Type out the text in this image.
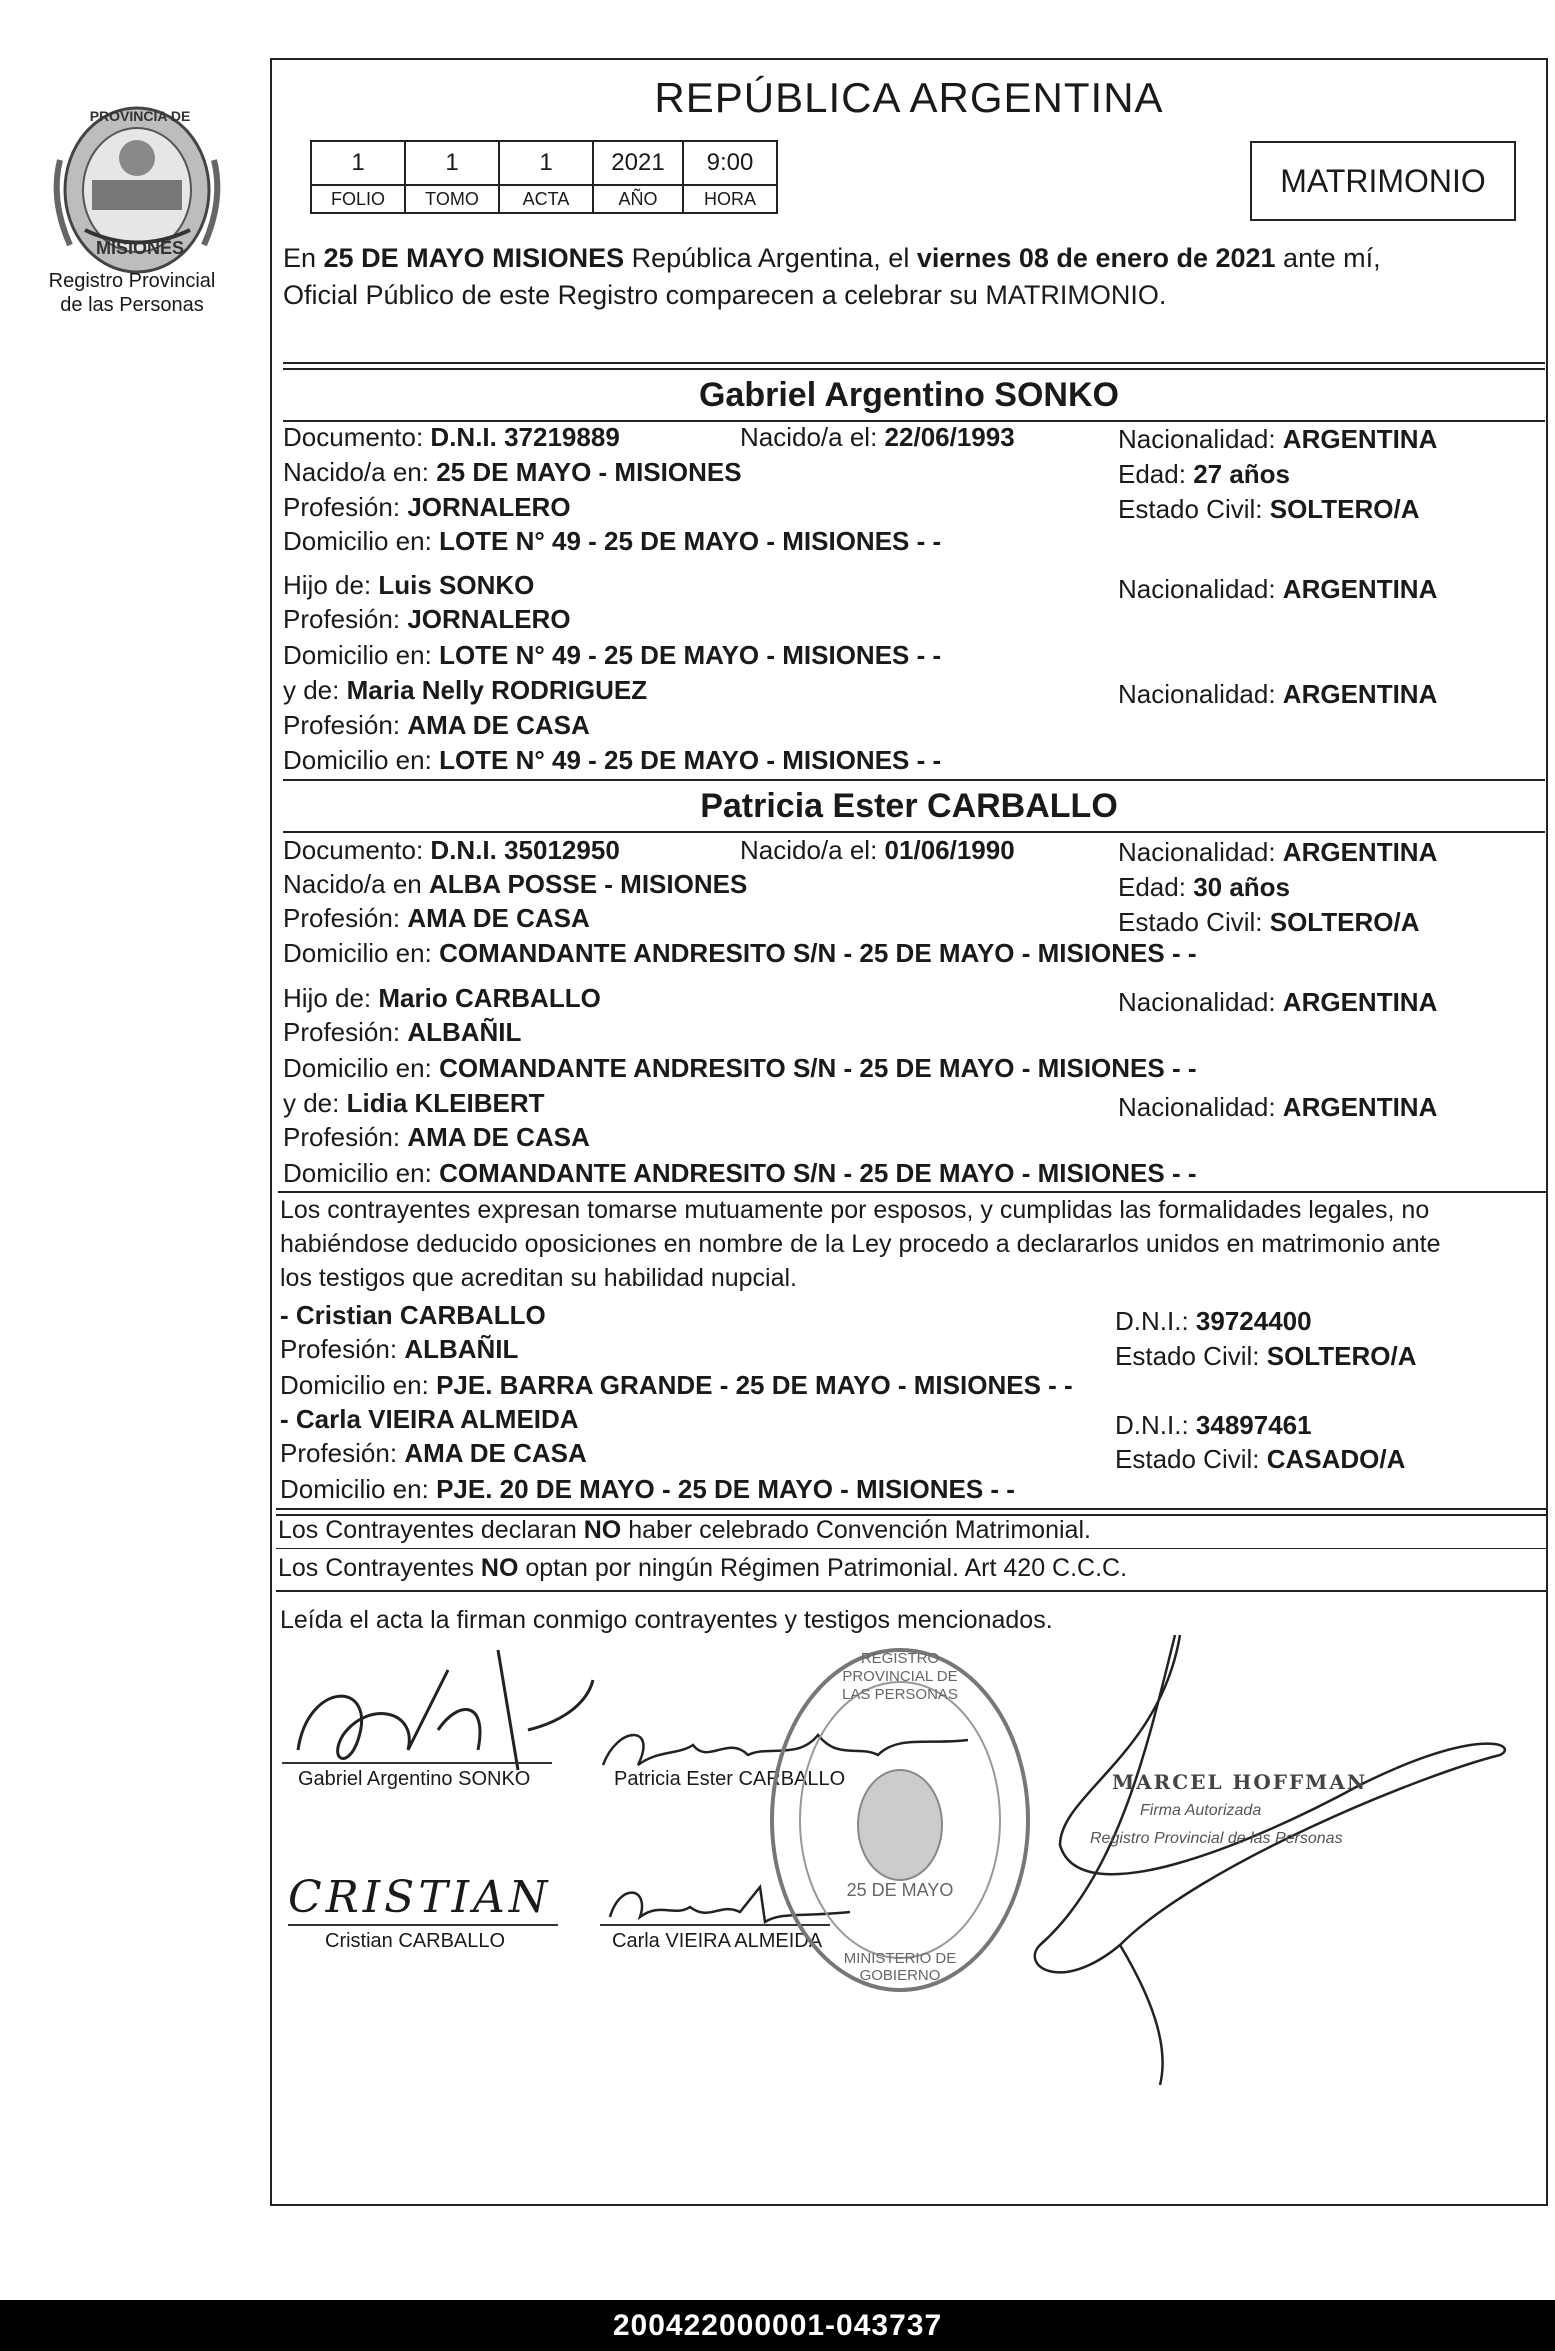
PROVINCIA DE
MISIONES
Registro Provincial
de las Personas
REPÚBLICA ARGENTINA
1	1	1	2021	9:00
FOLIO	TOMO	ACTA	AÑO	HORA	MATRIMONIO
En 25 DE MAYO MISIONES República Argentina, el viernes 08 de enero de 2021 ante mí,
Oficial Público de este Registro comparecen a celebrar su MATRIMONIO.
Gabriel Argentino SONKO
Documento: D.N.I. 37219889	Nacido/a el: 22/06/1993	Nacionalidad: ARGENTINA
Nacido/a en: 25 DE MAYO - MISIONES	Edad: 27 años
Profesión: JORNALERO	Estado Civil: SOLTERO/A
Domicilio en: LOTE N° 49 - 25 DE MAYO - MISIONES - -
Hijo de: Luis SONKO	Nacionalidad: ARGENTINA
Profesión: JORNALERO
Domicilio en: LOTE N° 49 - 25 DE MAYO - MISIONES - -
y de: Maria Nelly RODRIGUEZ	Nacionalidad: ARGENTINA
Profesión: AMA DE CASA
Domicilio en: LOTE N° 49 - 25 DE MAYO - MISIONES - -
Patricia Ester CARBALLO
Documento: D.N.I. 35012950	Nacido/a el: 01/06/1990	Nacionalidad: ARGENTINA
Nacido/a en ALBA POSSE - MISIONES	Edad: 30 años
Profesión: AMA DE CASA	Estado Civil: SOLTERO/A
Domicilio en: COMANDANTE ANDRESITO S/N - 25 DE MAYO - MISIONES - -
Hijo de: Mario CARBALLO	Nacionalidad: ARGENTINA
Profesión: ALBAÑIL
Domicilio en: COMANDANTE ANDRESITO S/N - 25 DE MAYO - MISIONES - -
y de: Lidia KLEIBERT	Nacionalidad: ARGENTINA
Profesión: AMA DE CASA
Domicilio en: COMANDANTE ANDRESITO S/N - 25 DE MAYO - MISIONES - -
Los contrayentes expresan tomarse mutuamente por esposos, y cumplidas las formalidades legales, no
habiéndose deducido oposiciones en nombre de la Ley procedo a declararlos unidos en matrimonio ante
los testigos que acreditan su habilidad nupcial.
- Cristian CARBALLO	D.N.I.: 39724400
Profesión: ALBAÑIL	Estado Civil: SOLTERO/A
Domicilio en: PJE. BARRA GRANDE - 25 DE MAYO - MISIONES - -
- Carla VIEIRA ALMEIDA	D.N.I.: 34897461
Profesión: AMA DE CASA	Estado Civil: CASADO/A
Domicilio en: PJE. 20 DE MAYO - 25 DE MAYO - MISIONES - -
Los Contrayentes declaran NO haber celebrado Convención Matrimonial.
Los Contrayentes NO optan por ningún Régimen Patrimonial. Art 420 C.C.C.
Leída el acta la firman conmigo contrayentes y testigos mencionados.
Gabriel Argentino SONKO	Patricia Ester CARBALLO
CRISTIAN
Cristian CARBALLO	Carla VIEIRA ALMEIDA
REGISTRO PROVINCIAL DE LAS PERSONAS
25 DE MAYO
MINISTERIO DE GOBIERNO
MARCEL HOFFMAN
Firma Autorizada
Registro Provincial de las Personas
200422000001-043737
